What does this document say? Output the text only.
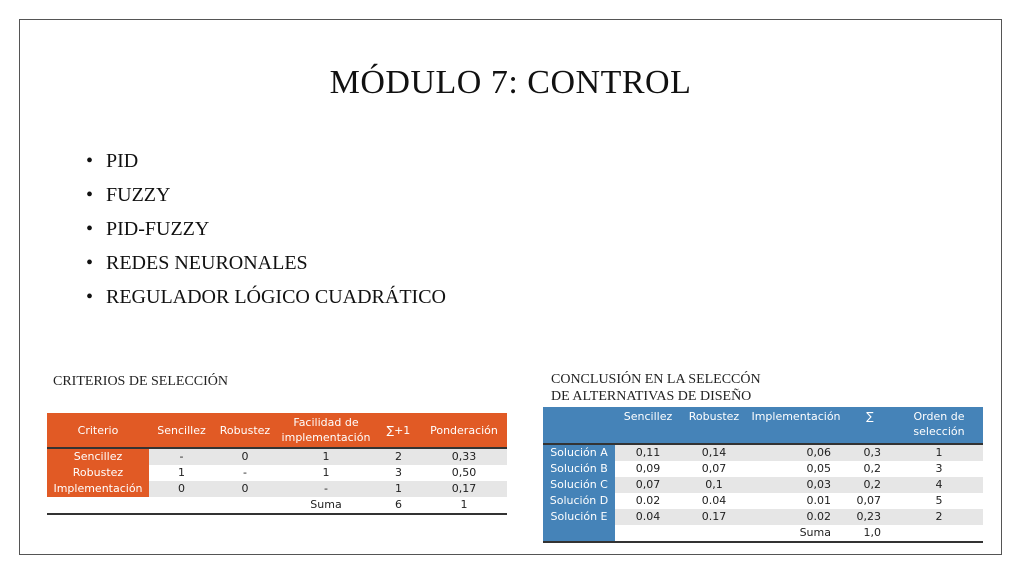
MÓDULO 7: CONTROL
• PID
• FUZZY
• PID-FUZZY
• REDES NEURONALES
• REGULADOR LÓGICO CUADRÁTICO
CRITERIOS DE SELECCIÓN
Criterio	Sencillez	Robustez	Facilidad de implementación	∑+1	Ponderación
Sencillez	-	0	1	2	0,33
Robustez	1	-	1	3	0,50
Implementación	0	0	-	1	0,17
			Suma	6	1
CONCLUSIÓN EN LA SELECCÓN
DE ALTERNATIVAS DE DISEÑO
	Sencillez	Robustez	Implementación	∑	Orden de selección
Solución A	0,11	0,14	0,06	0,3	1
Solución B	0,09	0,07	0,05	0,2	3
Solución C	0,07	0,1	0,03	0,2	4
Solución D	0.02	0.04	0.01	0,07	5
Solución E	0.04	0.17	0.02	0,23	2
			Suma	1,0	
